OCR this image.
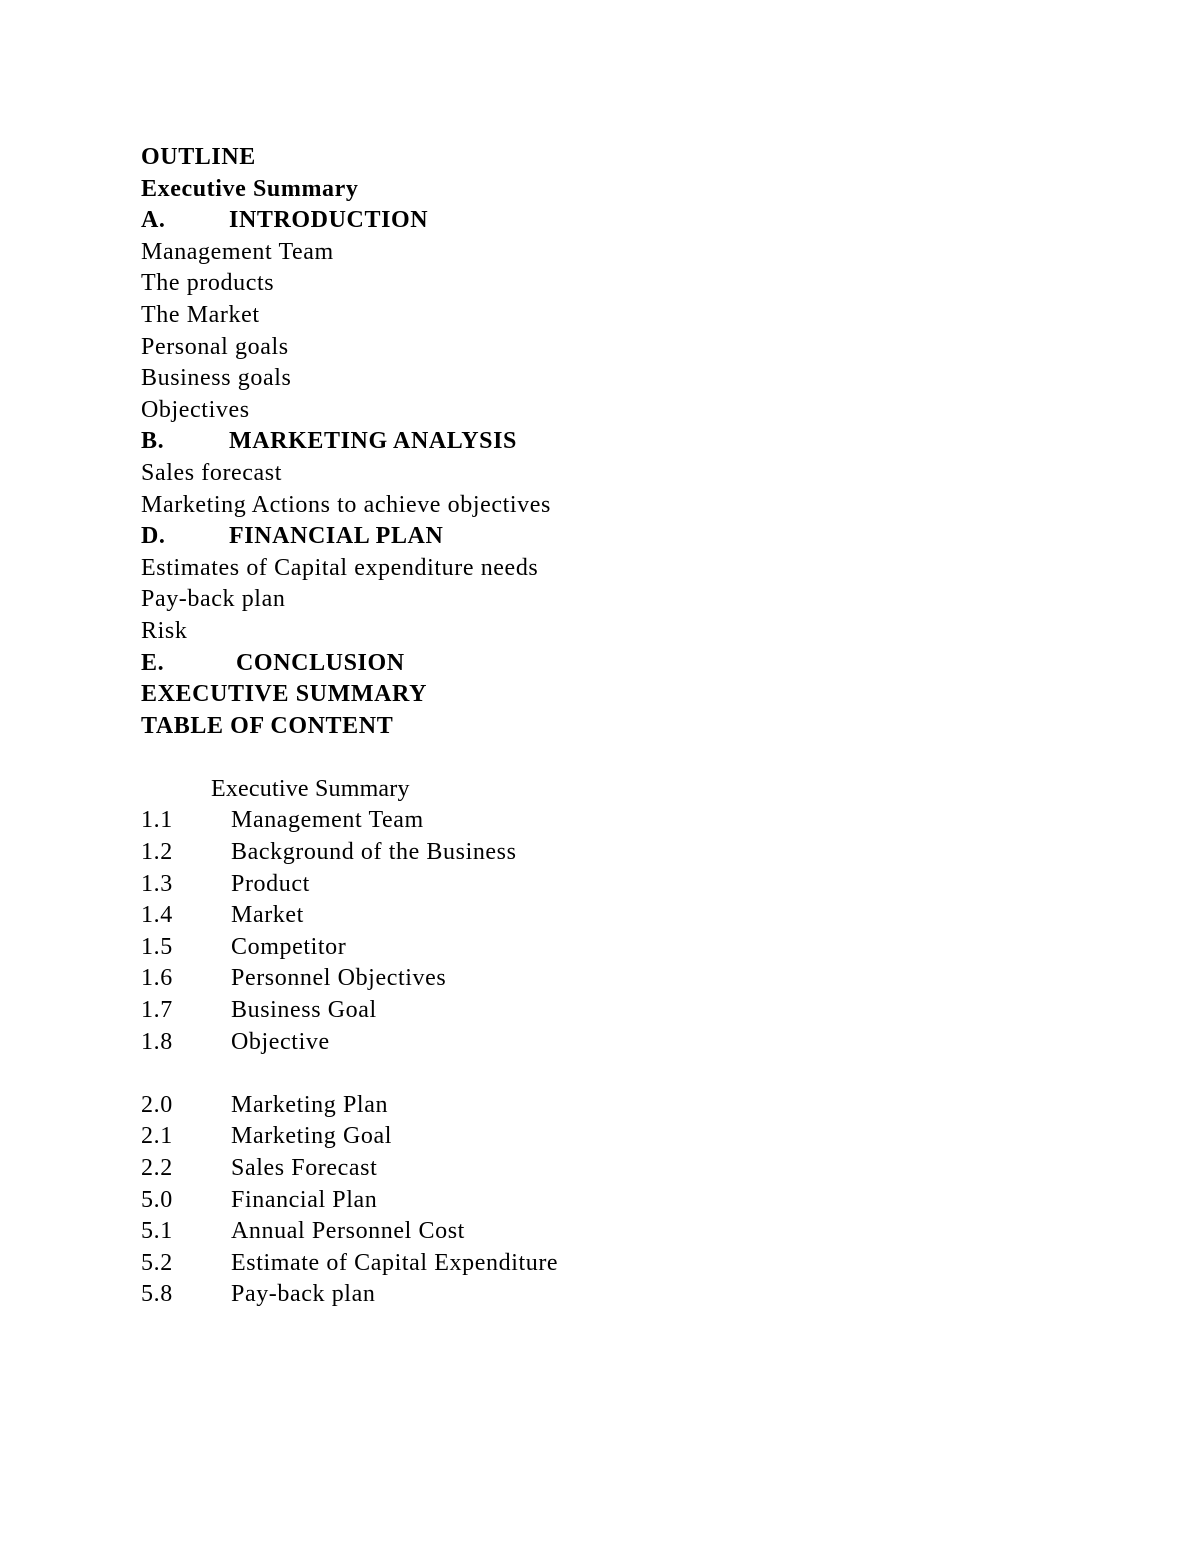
OUTLINE
Executive Summary
A.	INTRODUCTION
Management Team
The products
The Market
Personal goals
Business goals
Objectives
B.	MARKETING ANALYSIS
Sales forecast
Marketing Actions to achieve objectives
D.	FINANCIAL PLAN
Estimates of Capital expenditure needs
Pay-back plan
Risk
E.	CONCLUSION
EXECUTIVE SUMMARY
TABLE OF CONTENT
Executive Summary
1.1 Management Team
1.2 Background of the Business
1.3 Product
1.4 Market
1.5 Competitor
1.6 Personnel Objectives
1.7 Business Goal
1.8 Objective
2.0 Marketing Plan
2.1 Marketing Goal
2.2 Sales Forecast
5.0 Financial Plan
5.1 Annual Personnel Cost
5.2 Estimate of Capital Expenditure
5.8 Pay-back plan
